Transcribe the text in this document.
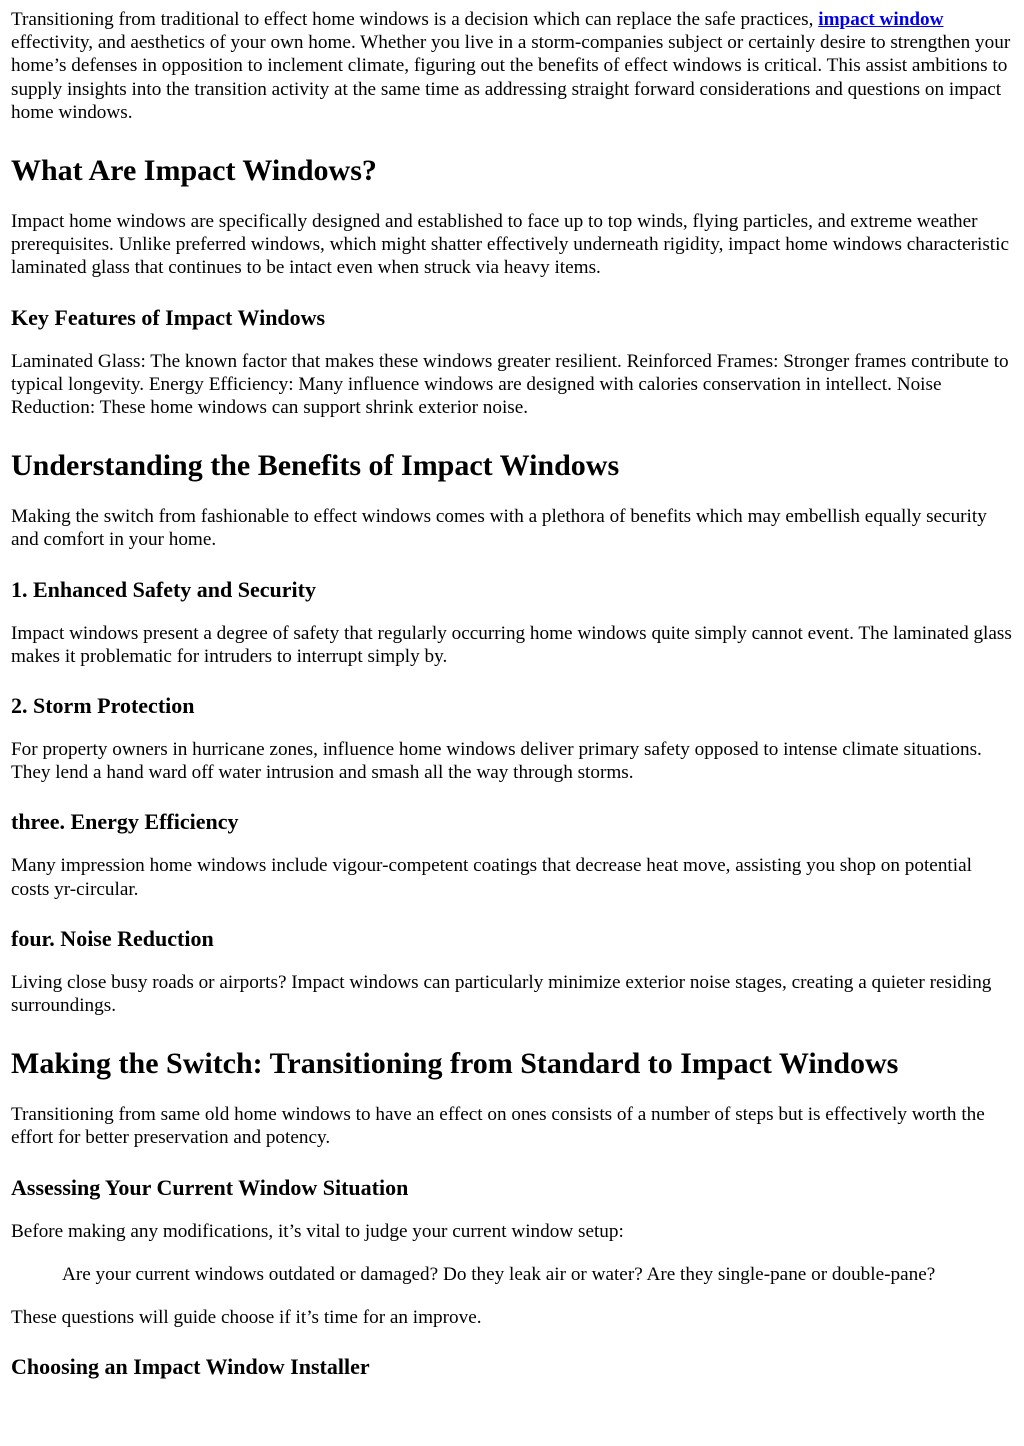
Transitioning from traditional to effect home windows is a decision which can replace the safe practices, impact window effectivity, and aesthetics of your own home. Whether you live in a storm-companies subject or certainly desire to strengthen your home’s defenses in opposition to inclement climate, figuring out the benefits of effect windows is critical. This assist ambitions to supply insights into the transition activity at the same time as addressing straight forward considerations and questions on impact home windows.

What Are Impact Windows?

Impact home windows are specifically designed and established to face up to top winds, flying particles, and extreme weather prerequisites. Unlike preferred windows, which might shatter effectively underneath rigidity, impact home windows characteristic laminated glass that continues to be intact even when struck via heavy items.

Key Features of Impact Windows

Laminated Glass: The known factor that makes these windows greater resilient. Reinforced Frames: Stronger frames contribute to typical longevity. Energy Efficiency: Many influence windows are designed with calories conservation in intellect. Noise Reduction: These home windows can support shrink exterior noise.

Understanding the Benefits of Impact Windows

Making the switch from fashionable to effect windows comes with a plethora of benefits which may embellish equally security and comfort in your home.

1. Enhanced Safety and Security

Impact windows present a degree of safety that regularly occurring home windows quite simply cannot event. The laminated glass makes it problematic for intruders to interrupt simply by.

2. Storm Protection

For property owners in hurricane zones, influence home windows deliver primary safety opposed to intense climate situations. They lend a hand ward off water intrusion and smash all the way through storms.

three. Energy Efficiency

Many impression home windows include vigour-competent coatings that decrease heat move, assisting you shop on potential costs yr-circular.

four. Noise Reduction

Living close busy roads or airports? Impact windows can particularly minimize exterior noise stages, creating a quieter residing surroundings.

Making the Switch: Transitioning from Standard to Impact Windows

Transitioning from same old home windows to have an effect on ones consists of a number of steps but is effectively worth the effort for better preservation and potency.

Assessing Your Current Window Situation

Before making any modifications, it’s vital to judge your current window setup:

Are your current windows outdated or damaged? Do they leak air or water? Are they single-pane or double-pane?

These questions will guide choose if it’s time for an improve.

Choosing an Impact Window Installer
